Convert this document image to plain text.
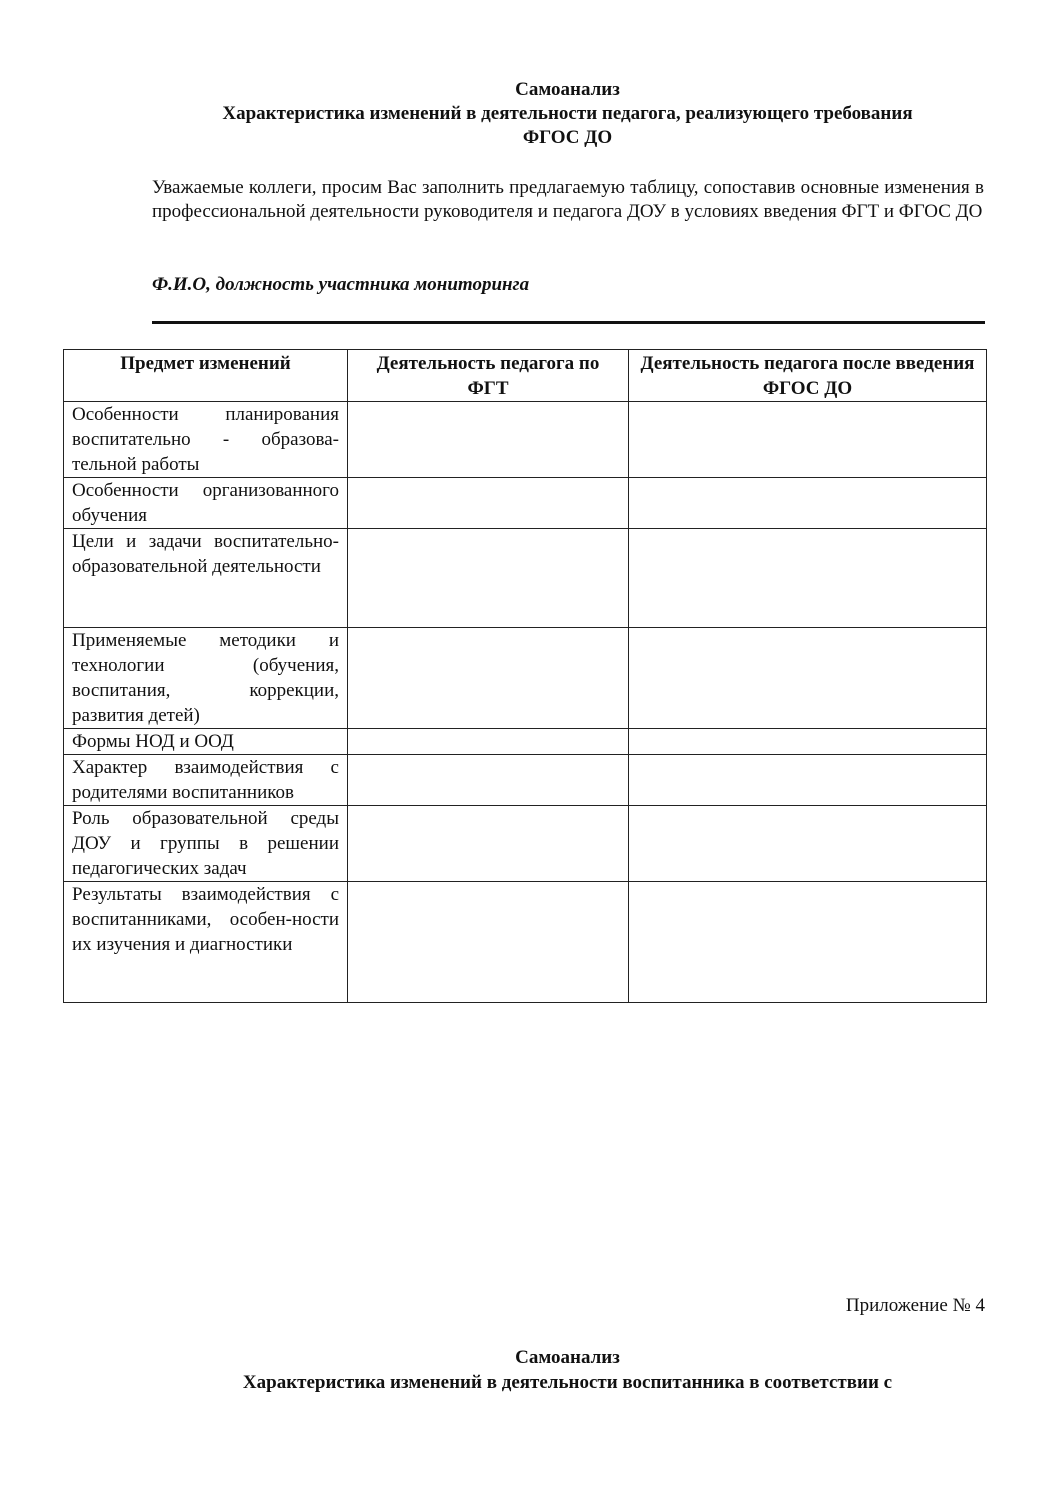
Самоанализ
Характеристика изменений в деятельности педагога, реализующего требования
ФГОС ДО
Уважаемые коллеги, просим Вас заполнить предлагаемую таблицу, сопоставив основные изменения в профессиональной деятельности руководителя и педагога ДОУ в условиях введения ФГТ и ФГОС ДО
Ф.И.О, должность участника мониторинга
Предмет изменений	Деятельность педагога по ФГТ	Деятельность педагога после введения ФГОС ДО
Особенности планирования воспитательно - образова-тельной работы		
Особенности организованного обучения		
Цели и задачи воспитательно-образовательной деятельности		
Применяемые методики и технологии (обучения, воспитания, коррекции, развития детей)		
Формы НОД и ООД		
Характер взаимодействия с родителями воспитанников		
Роль образовательной среды ДОУ и группы в решении педагогических задач		
Результаты взаимодействия с воспитанниками, особен-ности их изучения и диагностики		
Приложение № 4
Самоанализ
Характеристика изменений в деятельности воспитанника в соответствии с
